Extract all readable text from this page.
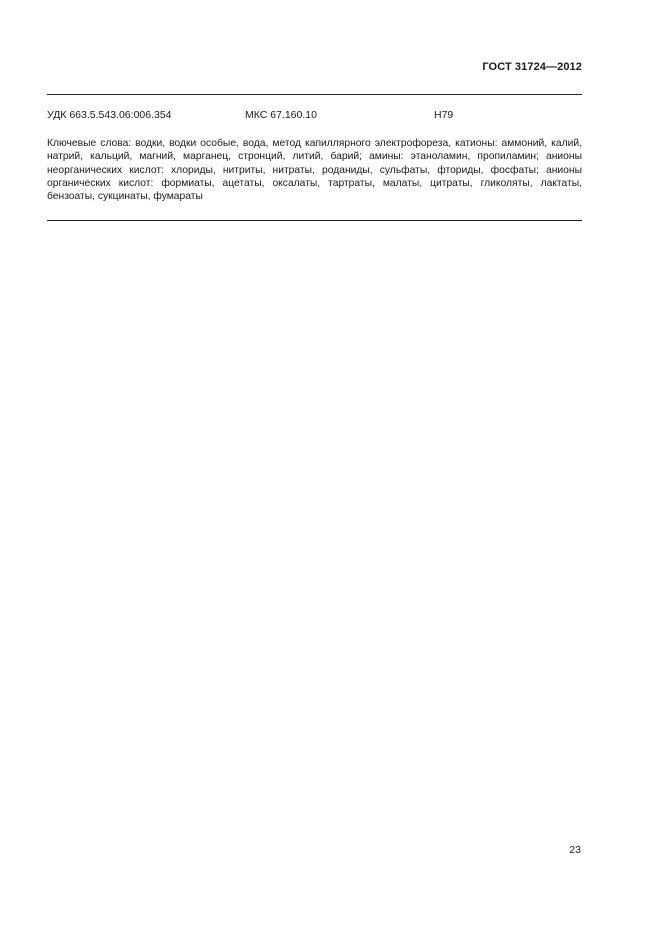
ГОСТ 31724—2012
УДК 663.5.543.06:006.354	МКС 67.160.10	Н79
Ключевые слова: водки, водки особые, вода, метод капиллярного электрофореза, катионы: аммоний, калий, натрий, кальций, магний, марганец, стронций, литий, барий; амины: этаноламин, пропиламин; анионы неорганических кислот: хлориды, нитриты, нитраты, роданиды, сульфаты, фториды, фосфаты; анионы органических кислот: формиаты, ацетаты, оксалаты, тартраты, малаты, цитраты, гликоляты, лактаты, бензоаты, сукцинаты, фумараты
23
